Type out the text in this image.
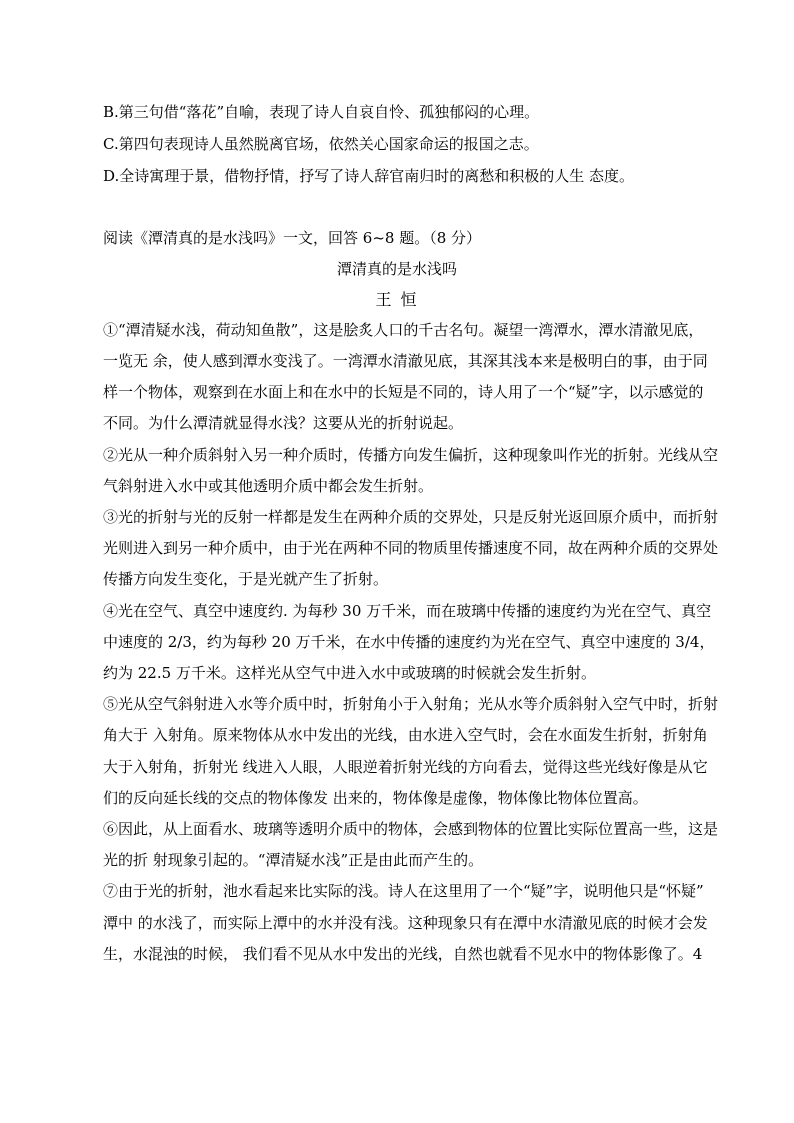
B.第三句借“落花”自喻，表现了诗人自哀自怜、孤独郁闷的心理。
C.第四句表现诗人虽然脱离官场，依然关心国家命运的报国之志。
D.全诗寓理于景，借物抒情，抒写了诗人辞官南归时的离愁和积极的人生 态度。
阅读《潭清真的是水浅吗》一文，回答 6~8 题。（8 分）
潭清真的是水浅吗
王 恒
①“潭清疑水浅，荷动知鱼散”，这是脍炙人口的千古名句。凝望一湾潭水，潭水清澈见底，
一览无 余，使人感到潭水变浅了。一湾潭水清澈见底，其深其浅本来是极明白的事，由于同
样一个物体，观察到在水面上和在水中的长短是不同的，诗人用了一个“疑”字，以示感觉的
不同。为什么潭清就显得水浅？这要从光的折射说起。
②光从一种介质斜射入另一种介质时，传播方向发生偏折，这种现象叫作光的折射。光线从空
气斜射进入水中或其他透明介质中都会发生折射。
③光的折射与光的反射一样都是发生在两种介质的交界处，只是反射光返回原介质中，而折射
光则进入到另一种介质中，由于光在两种不同的物质里传播速度不同，故在两种介质的交界处
传播方向发生变化，于是光就产生了折射。
④光在空气、真空中速度约. 为每秒 30 万千米，而在玻璃中传播的速度约为光在空气、真空
中速度的 2/3，约为每秒 20 万千米，在水中传播的速度约为光在空气、真空中速度的 3/4，
约为 22.5 万千米。这样光从空气中进入水中或玻璃的时候就会发生折射。
⑤光从空气斜射进入水等介质中时，折射角小于入射角；光从水等介质斜射入空气中时，折射
角大于 入射角。原来物体从水中发出的光线，由水进入空气时，会在水面发生折射，折射角
大于入射角，折射光 线进入人眼，人眼逆着折射光线的方向看去，觉得这些光线好像是从它
们的反向延长线的交点的物体像发 出来的，物体像是虚像，物体像比物体位置高。
⑥因此，从上面看水、玻璃等透明介质中的物体，会感到物体的位置比实际位置高一些，这是
光的折 射现象引起的。“潭清疑水浅”正是由此而产生的。
⑦由于光的折射，池水看起来比实际的浅。诗人在这里用了一个“疑”字，说明他只是“怀疑”
潭中 的水浅了，而实际上潭中的水并没有浅。这种现象只有在潭中水清澈见底的时候才会发
生，水混浊的时候， 我们看不见从水中发出的光线，自然也就看不见水中的物体影像了。4
